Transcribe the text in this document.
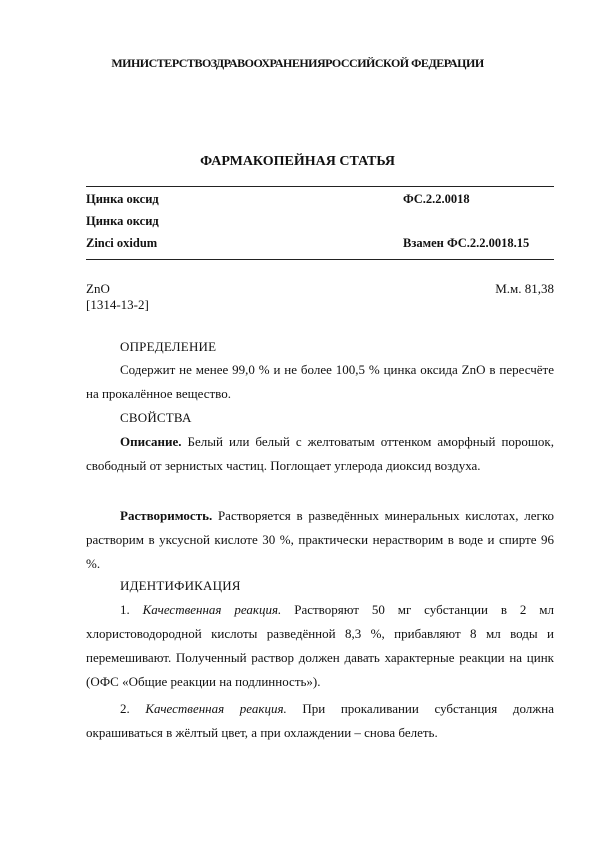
МИНИСТЕРСТВОЗДРАВООХРАНЕНИЯРОССИЙСКОЙ ФЕДЕРАЦИИ
ФАРМАКОПЕЙНАЯ СТАТЬЯ
Цинка оксид	ФС.2.2.0018
Цинка оксид
Zinci oxidum	Взамен ФС.2.2.0018.15
ZnO	М.м. 81,38
[1314-13-2]
ОПРЕДЕЛЕНИЕ
Содержит не менее 99,0 % и не более 100,5 % цинка оксида ZnO в пересчёте на прокалённое вещество.
СВОЙСТВА
Описание. Белый или белый с желтоватым оттенком аморфный порошок, свободный от зернистых частиц. Поглощает углерода диоксид воздуха.
Растворимость. Растворяется в разведённых минеральных кислотах, легко растворим в уксусной кислоте 30 %, практически нерастворим в воде и спирте 96 %.
ИДЕНТИФИКАЦИЯ
1. Качественная реакция. Растворяют 50 мг субстанции в 2 мл хлористоводородной кислоты разведённой 8,3 %, прибавляют 8 мл воды и перемешивают. Полученный раствор должен давать характерные реакции на цинк (ОФС «Общие реакции на подлинность»).
2. Качественная реакция. При прокаливании субстанция должна окрашиваться в жёлтый цвет, а при охлаждении – снова белеть.
